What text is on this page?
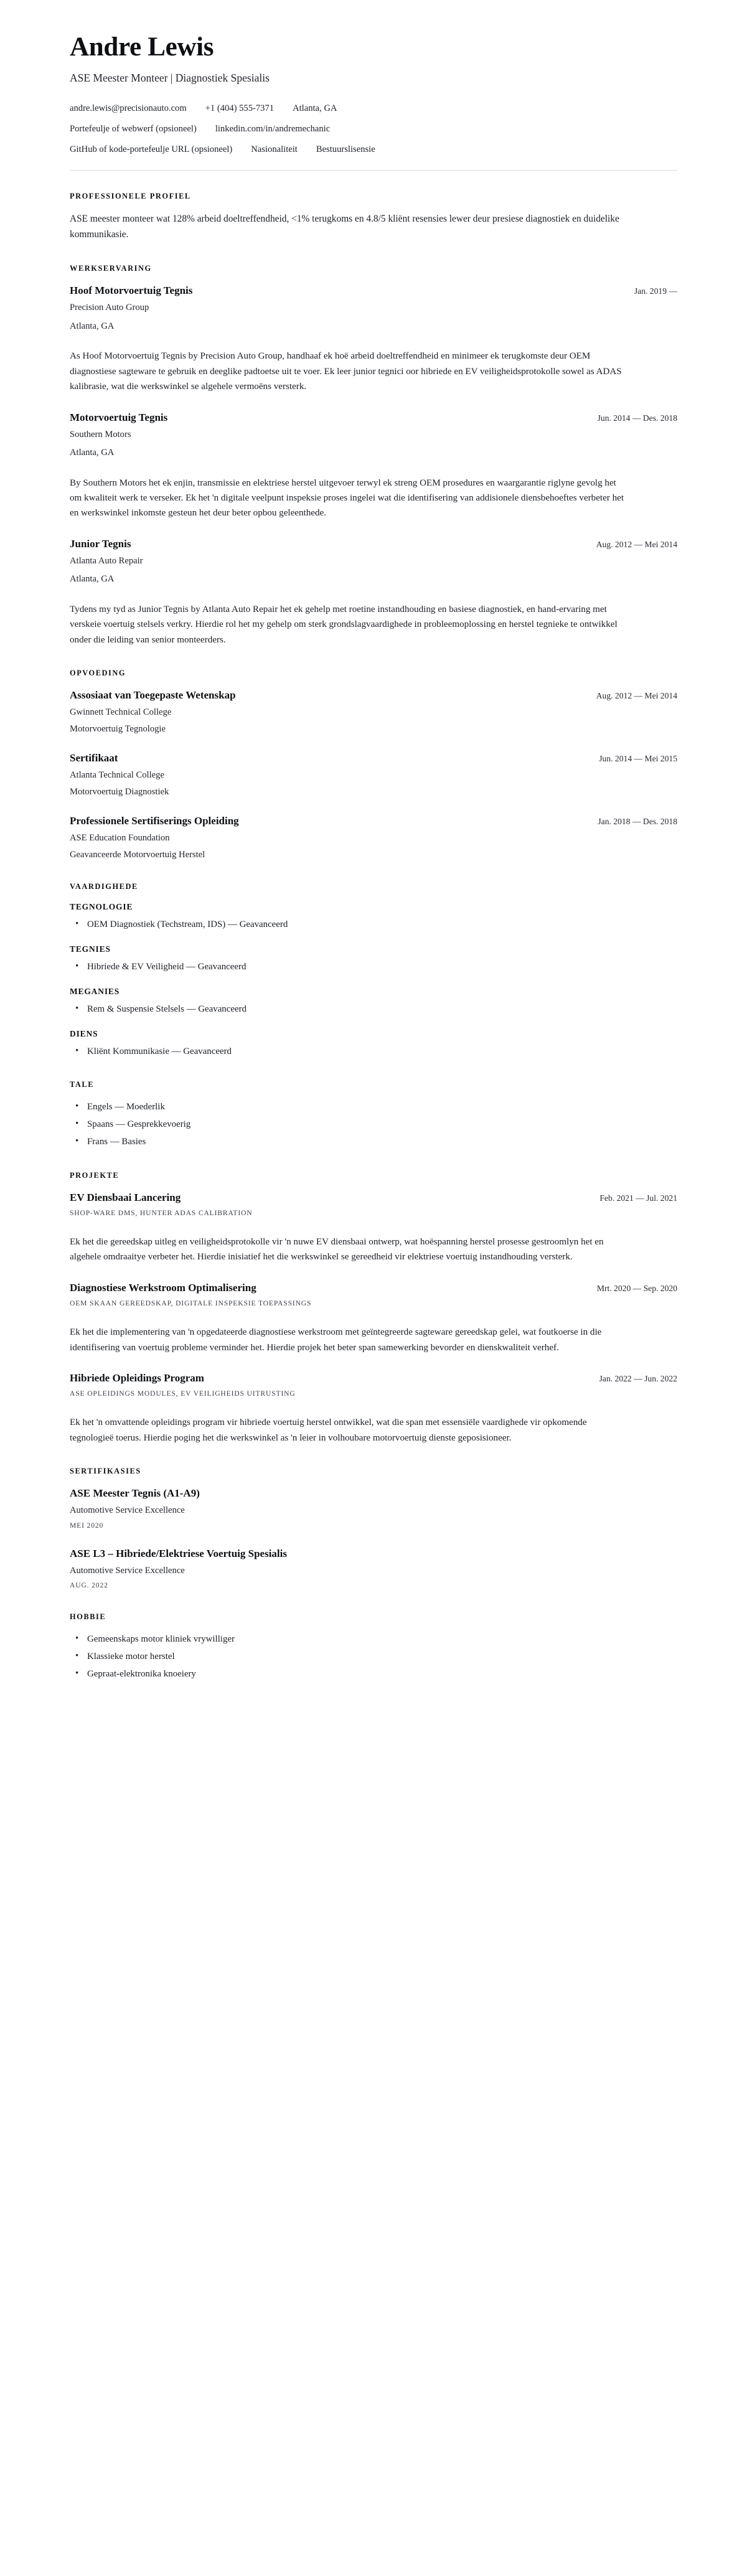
Andre Lewis

ASE Meester Monteer | Diagnostiek Spesialis

andre.lewis@precisionauto.com +1 (404) 555-7371 Atlanta, GA
Portefeulje of webwerf (opsioneel) linkedin.com/in/andremechanic
GitHub of kode-portefeulje URL (opsioneel) Nasionaliteit Bestuurslisensie
PROFESSIONELE PROFIEL

ASE meester monteer wat 128% arbeid doeltreffendheid, <1% terugkoms en 4.8/5 kliënt resensies lewer deur presiese diagnostiek en duidelike kommunikasie.

WERKSERVARING
Hoof Motorvoertuig Tegnis	Jan. 2019 —

Precision Auto Group

Atlanta, GA

As Hoof Motorvoertuig Tegnis by Precision Auto Group, handhaaf ek hoë arbeid doeltreffendheid en minimeer ek terugkomste deur OEM diagnostiese sagteware te gebruik en deeglike padtoetse uit te voer. Ek leer junior tegnici oor hibriede en EV veiligheidsprotokolle sowel as ADAS kalibrasie, wat die werkswinkel se algehele vermoëns versterk.

Motorvoertuig Tegnis	Jun. 2014 — Des. 2018

Southern Motors

Atlanta, GA

By Southern Motors het ek enjin, transmissie en elektriese herstel uitgevoer terwyl ek streng OEM prosedures en waargarantie riglyne gevolg het om kwaliteit werk te verseker. Ek het 'n digitale veelpunt inspeksie proses ingelei wat die identifisering van addisionele diensbehoeftes verbeter het en werkswinkel inkomste gesteun het deur beter opbou geleenthede.

Junior Tegnis	Aug. 2012 — Mei 2014

Atlanta Auto Repair

Atlanta, GA

Tydens my tyd as Junior Tegnis by Atlanta Auto Repair het ek gehelp met roetine instandhouding en basiese diagnostiek, en hand-ervaring met verskeie voertuig stelsels verkry. Hierdie rol het my gehelp om sterk grondslagvaardighede in probleemoplossing en herstel tegnieke te ontwikkel onder die leiding van senior monteerders.

OPVOEDING
Assosiaat van Toegepaste Wetenskap	Aug. 2012 — Mei 2014

Gwinnett Technical College

Motorvoertuig Tegnologie

Sertifikaat	Jun. 2014 — Mei 2015

Atlanta Technical College

Motorvoertuig Diagnostiek

Professionele Sertifiserings Opleiding	Jan. 2018 — Des. 2018

ASE Education Foundation

Geavanceerde Motorvoertuig Herstel

VAARDIGHEDE
TEGNOLOGIE
• OEM Diagnostiek (Techstream, IDS) — Geavanceerd
TEGNIES
• Hibriede & EV Veiligheid — Geavanceerd
MEGANIES
• Rem & Suspensie Stelsels — Geavanceerd
DIENS
• Kliënt Kommunikasie — Geavanceerd
TALE
• Engels — Moederlik
• Spaans — Gesprekkevoerig
• Frans — Basies
PROJEKTE
EV Diensbaai Lancering	Feb. 2021 — Jul. 2021

SHOP-WARE DMS, HUNTER ADAS CALIBRATION

Ek het die gereedskap uitleg en veiligheidsprotokolle vir 'n nuwe EV diensbaai ontwerp, wat hoëspanning herstel prosesse gestroomlyn het en algehele omdraaitye verbeter het. Hierdie inisiatief het die werkswinkel se gereedheid vir elektriese voertuig instandhouding versterk.

Diagnostiese Werkstroom Optimalisering	Mrt. 2020 — Sep. 2020

OEM SKAAN GEREEDSKAP, DIGITALE INSPEKSIE TOEPASSINGS

Ek het die implementering van 'n opgedateerde diagnostiese werkstroom met geïntegreerde sagteware gereedskap gelei, wat foutkoerse in die identifisering van voertuig probleme verminder het. Hierdie projek het beter span samewerking bevorder en dienskwaliteit verhef.

Hibriede Opleidings Program	Jan. 2022 — Jun. 2022

ASE OPLEIDINGS MODULES, EV VEILIGHEIDS UITRUSTING

Ek het 'n omvattende opleidings program vir hibriede voertuig herstel ontwikkel, wat die span met essensiële vaardighede vir opkomende tegnologieë toerus. Hierdie poging het die werkswinkel as 'n leier in volhoubare motorvoertuig dienste geposisioneer.

SERTIFIKASIES
ASE Meester Tegnis (A1-A9)

Automotive Service Excellence

MEI 2020

ASE L3 – Hibriede/Elektriese Voertuig Spesialis

Automotive Service Excellence

AUG. 2022

HOBBIE
• Gemeenskaps motor kliniek vrywilliger
• Klassieke motor herstel
• Gepraat-elektronika knoeiery
